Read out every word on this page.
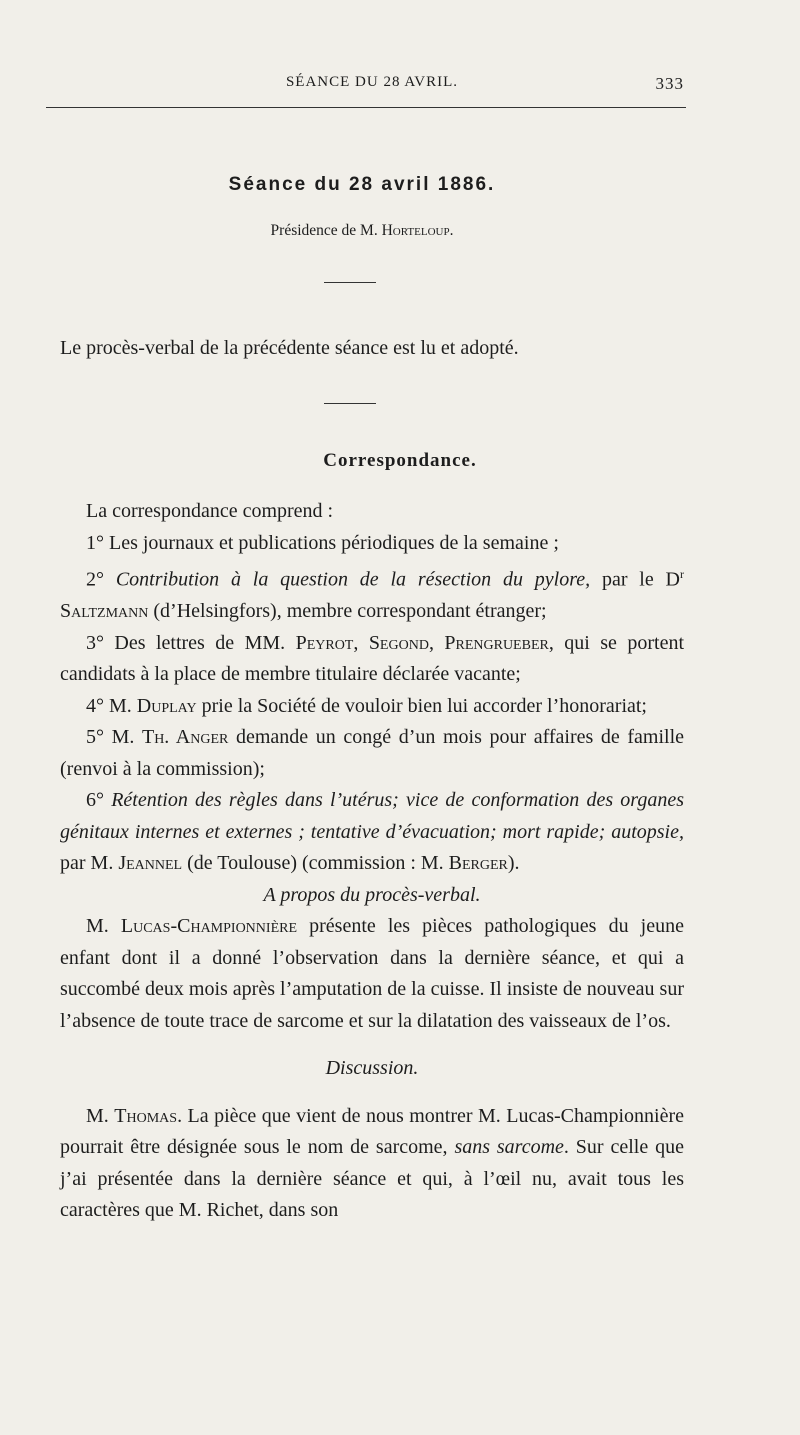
SÉANCE DU 28 AVRIL.	333
Séance du 28 avril 1886.
Présidence de M. Horteloup.

Le procès-verbal de la précédente séance est lu et adopté.

Correspondance.

La correspondance comprend :

1° Les journaux et publications périodiques de la semaine ;

2° Contribution à la question de la résection du pylore, par le $D^r$ Saltzmann (d’Helsingfors), membre correspondant étranger;

3° Des lettres de MM. Peyrot, Segond, Prengrueber, qui se portent candidats à la place de membre titulaire déclarée vacante;

4° M. Duplay prie la Société de vouloir bien lui accorder l’honorariat;

5° M. Th. Anger demande un congé d’un mois pour affaires de famille (renvoi à la commission);

6° Rétention des règles dans l’utérus; vice de conformation des organes génitaux internes et externes ; tentative d’évacuation; mort rapide; autopsie, par M. Jeannel (de Toulouse) (commission : M. Berger).

A propos du procès-verbal.

M. Lucas-Championnière présente les pièces pathologiques du jeune enfant dont il a donné l’observation dans la dernière séance, et qui a succombé deux mois après l’amputation de la cuisse. Il insiste de nouveau sur l’absence de toute trace de sarcome et sur la dilatation des vaisseaux de l’os.

Discussion.

M. Thomas. La pièce que vient de nous montrer M. Lucas-Championnière pourrait être désignée sous le nom de sarcome, sans sarcome. Sur celle que j’ai présentée dans la dernière séance et qui, à l’œil nu, avait tous les caractères que M. Richet, dans son
